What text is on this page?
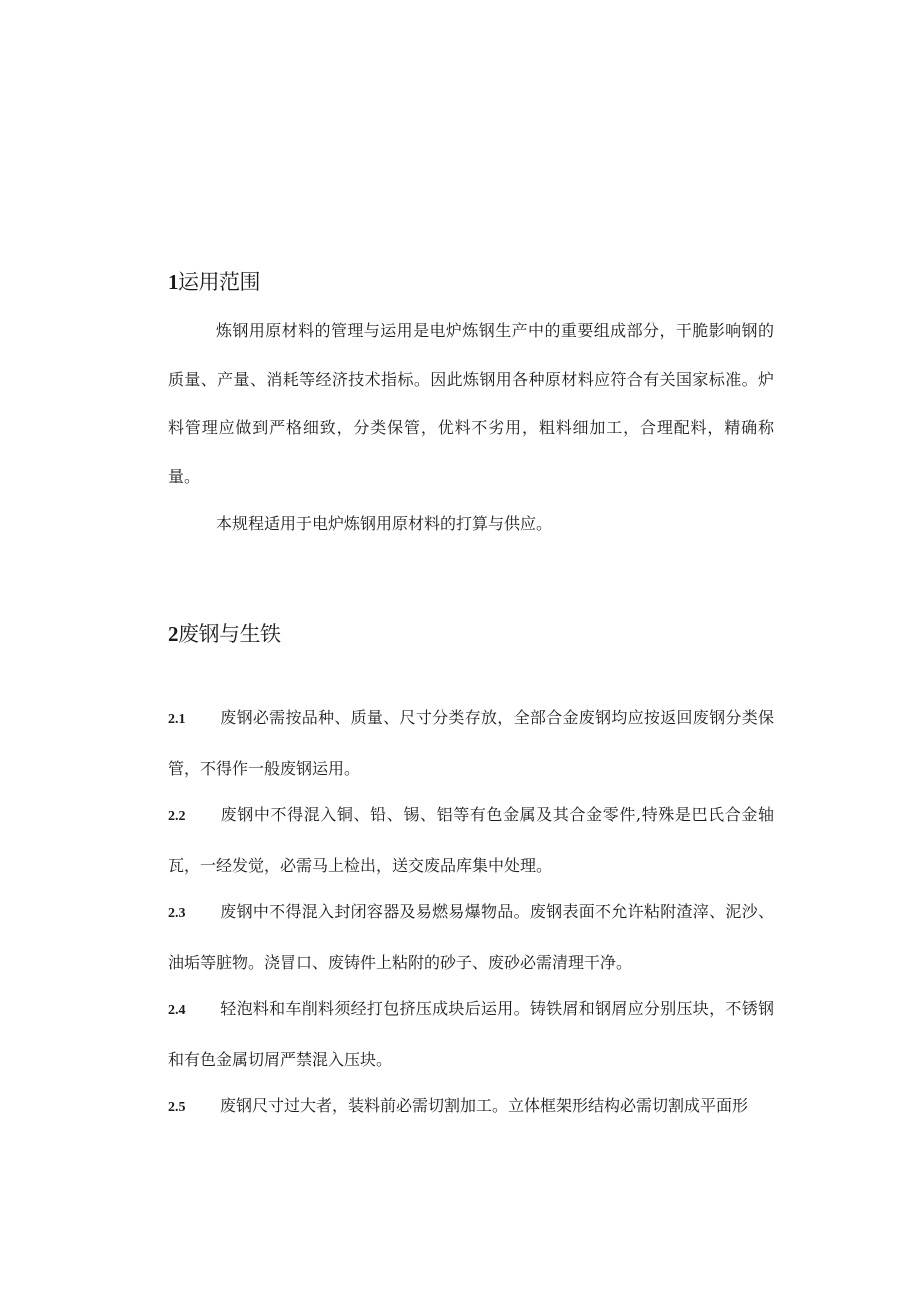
1运用范围

炼钢用原材料的管理与运用是电炉炼钢生产中的重要组成部分，干脆影响钢的质量、产量、消耗等经济技术指标。因此炼钢用各种原材料应符合有关国家标准。炉料管理应做到严格细致，分类保管，优料不劣用，粗料细加工，合理配料，精确称量。

本规程适用于电炉炼钢用原材料的打算与供应。

2废钢与生铁

2.1 废钢必需按品种、质量、尺寸分类存放，全部合金废钢均应按返回废钢分类保管，不得作一般废钢运用。

2.2 废钢中不得混入铜、铅、锡、铝等有色金属及其合金零件,特殊是巴氏合金轴瓦，一经发觉，必需马上检出，送交废品库集中处理。

2.3 废钢中不得混入封闭容器及易燃易爆物品。废钢表面不允许粘附渣滓、泥沙、油垢等脏物。浇冒口、废铸件上粘附的砂子、废砂必需清理干净。

2.4 轻泡料和车削料须经打包挤压成块后运用。铸铁屑和钢屑应分别压块，不锈钢和有色金属切屑严禁混入压块。

2.5 废钢尺寸过大者，装料前必需切割加工。立体框架形结构必需切割成平面形
